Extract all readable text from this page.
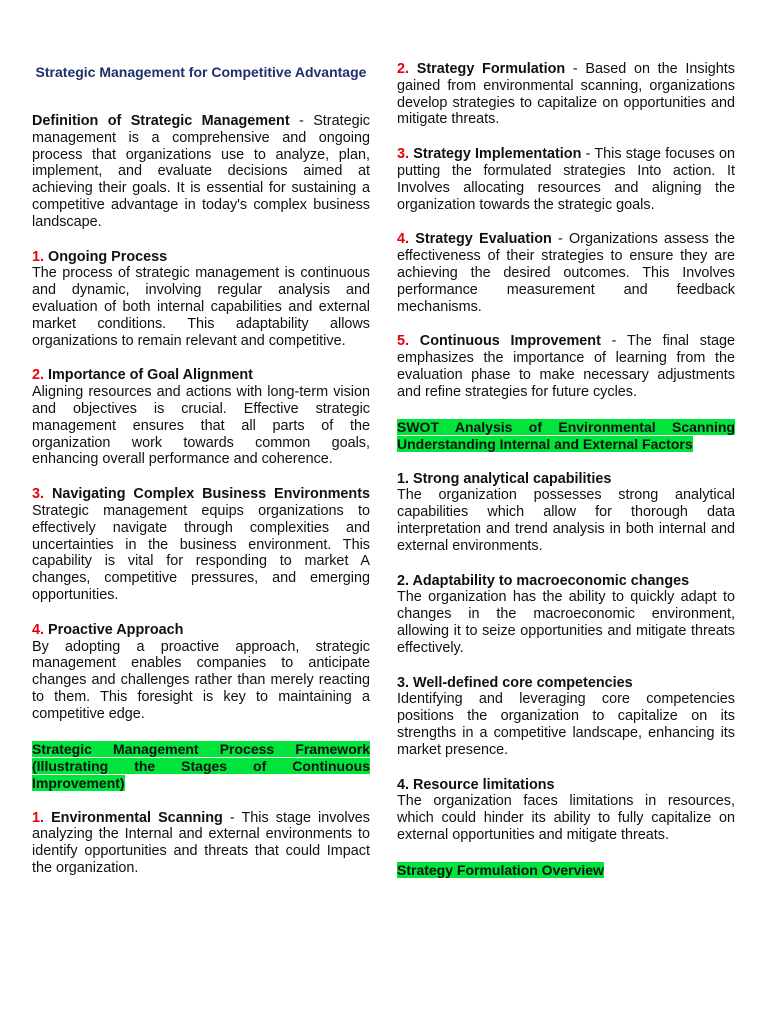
Strategic Management for Competitive Advantage

Definition of Strategic Management - Strategic management is a comprehensive and ongoing process that organizations use to analyze, plan, implement, and evaluate decisions aimed at achieving their goals. It is essential for sustaining a competitive advantage in today's complex business landscape.

1. Ongoing Process

The process of strategic management is continuous and dynamic, involving regular analysis and evaluation of both internal capabilities and external market conditions. This adaptability allows organizations to remain relevant and competitive.

2. Importance of Goal Alignment

Aligning resources and actions with long-term vision and objectives is crucial. Effective strategic management ensures that all parts of the organization work towards common goals, enhancing overall performance and coherence.

3. Navigating Complex Business Environments Strategic management equips organizations to effectively navigate through complexities and uncertainties in the business environment. This capability is vital for responding to market A changes, competitive pressures, and emerging opportunities.

4. Proactive Approach

By adopting a proactive approach, strategic management enables companies to anticipate changes and challenges rather than merely reacting to them. This foresight is key to maintaining a competitive edge.

Strategic Management Process Framework (Illustrating the Stages of Continuous Improvement)

1. Environmental Scanning - This stage involves analyzing the Internal and external environments to identify opportunities and threats that could Impact the organization.

2. Strategy Formulation - Based on the Insights gained from environmental scanning, organizations develop strategies to capitalize on opportunities and mitigate threats.

3. Strategy Implementation - This stage focuses on putting the formulated strategies Into action. It Involves allocating resources and aligning the organization towards the strategic goals.

4. Strategy Evaluation - Organizations assess the effectiveness of their strategies to ensure they are achieving the desired outcomes. This Involves performance measurement and feedback mechanisms.

5. Continuous Improvement - The final stage emphasizes the importance of learning from the evaluation phase to make necessary adjustments and refine strategies for future cycles.

SWOT Analysis of Environmental Scanning Understanding Internal and External Factors

1. Strong analytical capabilities

The organization possesses strong analytical capabilities which allow for thorough data interpretation and trend analysis in both internal and external environments.

2. Adaptability to macroeconomic changes

The organization has the ability to quickly adapt to changes in the macroeconomic environment, allowing it to seize opportunities and mitigate threats effectively.

3. Well-defined core competencies

Identifying and leveraging core competencies positions the organization to capitalize on its strengths in a competitive landscape, enhancing its market presence.

4. Resource limitations

The organization faces limitations in resources, which could hinder its ability to fully capitalize on external opportunities and mitigate threats.

Strategy Formulation Overview
